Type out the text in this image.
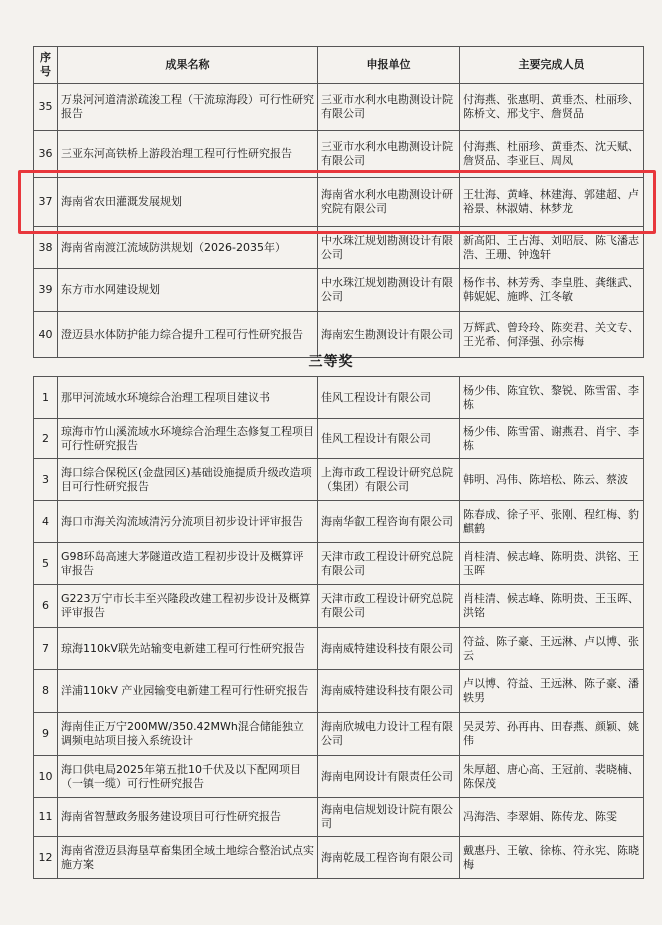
序号	成果名称	申报单位	主要完成人员
35	万泉河河道清淤疏浚工程（干流琼海段）可行性研究报告	三亚市水利水电勘测设计院有限公司	付海燕、张惠明、黄垂杰、杜丽珍、陈桥文、邢戈宇、詹贤品
36	三亚东河高铁桥上游段治理工程可行性研究报告	三亚市水利水电勘测设计院有限公司	付海燕、杜丽珍、黄垂杰、沈天赋、詹贤品、李亚巨、周凤
37	海南省农田灌溉发展规划	海南省水利水电勘测设计研究院有限公司	王壮海、黄峰、林建海、郭建超、卢裕景、林淑婧、林梦龙
38	海南省南渡江流域防洪规划（2026-2035年）	中水珠江规划勘测设计有限公司	新高阳、王占海、刘昭辰、陈飞潘志浩、王珊、钟逸轩
39	东方市水网建设规划	中水珠江规划勘测设计有限公司	杨作书、林芳秀、李皇胜、龚继武、韩妮妮、施晔、江冬敏
40	澄迈县水体防护能力综合提升工程可行性研究报告	海南宏生勘测设计有限公司	万辉武、曾玲玲、陈奕君、关文专、王光希、何泽强、孙宗梅
三等奖
1	那甲河流域水环境综合治理工程项目建议书	佳风工程设计有限公司	杨少伟、陈宜钦、黎锐、陈雪雷、李栋
2	琼海市竹山溪流域水环境综合治理生态修复工程项目可行性研究报告	佳风工程设计有限公司	杨少伟、陈雪雷、谢燕君、肖宇、李栋
3	海口综合保税区(金盘园区)基础设施提质升级改造项目可行性研究报告	上海市政工程设计研究总院（集团）有限公司	韩明、冯伟、陈培松、陈云、蔡波
4	海口市海关沟流域清污分流项目初步设计评审报告	海南华叡工程咨询有限公司	陈春成、徐子平、张刚、程红梅、豹麒鹤
5	G98环岛高速大茅隧道改造工程初步设计及概算评审报告	天津市政工程设计研究总院有限公司	肖桂清、候志峰、陈明贵、洪铭、王玉晖
6	G223万宁市长丰至兴隆段改建工程初步设计及概算评审报告	天津市政工程设计研究总院有限公司	肖桂清、候志峰、陈明贵、王玉晖、洪铭
7	琼海110kV联先站输变电新建工程可行性研究报告	海南威特建设科技有限公司	符益、陈子豪、王远淋、卢以博、张云
8	洋浦110kV 产业园输变电新建工程可行性研究报告	海南威特建设科技有限公司	卢以博、符益、王远淋、陈子豪、潘轶男
9	海南佳正万宁200MW/350.42MWh混合储能独立调频电站项目接入系统设计	海南欣城电力设计工程有限公司	吴灵芳、孙再冉、田春燕、颜颖、姚伟
10	海口供电局2025年第五批10千伏及以下配网项目（一镇一缆）可行性研究报告	海南电网设计有限责任公司	朱厚超、唐心高、王冠前、裴晓楠、陈保茂
11	海南省智慧政务服务建设项目可行性研究报告	海南电信规划设计院有限公司	冯海浩、李翠娟、陈传龙、陈雯
12	海南省澄迈县海垦草畜集团全域土地综合整治试点实施方案	海南乾晟工程咨询有限公司	戴惠丹、王敏、徐栋、符永宪、陈晓梅
